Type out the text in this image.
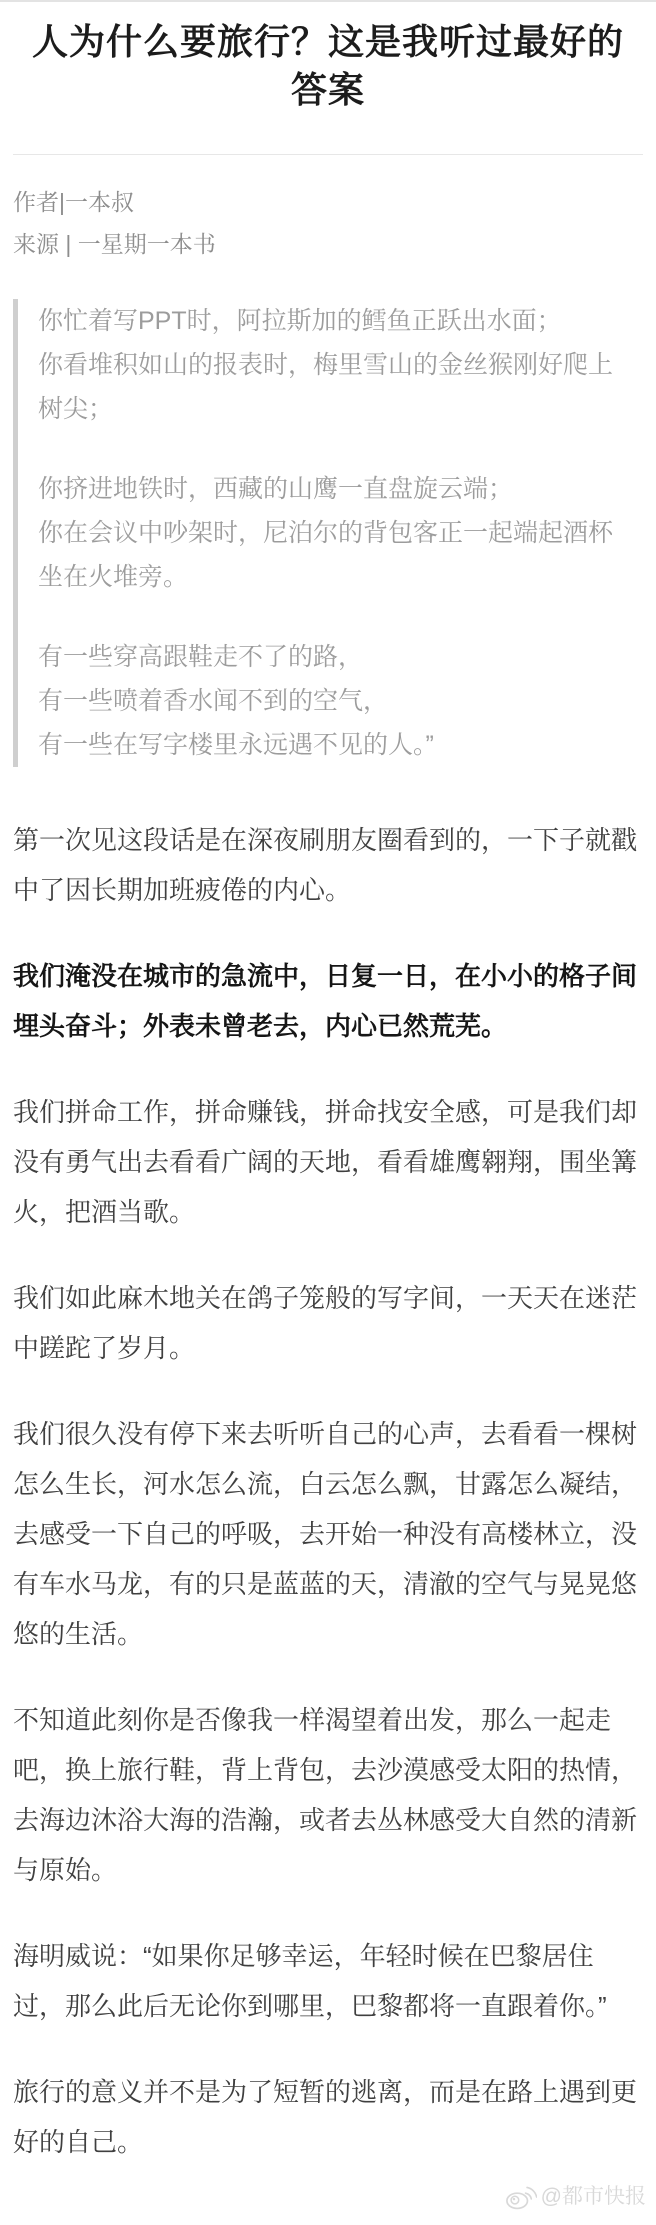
人为什么要旅行？这是我听过最好的答案

作者|一本叔

来源 | 一星期一本书

你忙着写PPT时，阿拉斯加的鳕鱼正跃出水面；

你看堆积如山的报表时，梅里雪山的金丝猴刚好爬上树尖；

你挤进地铁时，西藏的山鹰一直盘旋云端；

你在会议中吵架时，尼泊尔的背包客正一起端起酒杯坐在火堆旁。

有一些穿高跟鞋走不了的路，

有一些喷着香水闻不到的空气，

有一些在写字楼里永远遇不见的人。”

第一次见这段话是在深夜刷朋友圈看到的，一下子就戳中了因长期加班疲倦的内心。

我们淹没在城市的急流中，日复一日，在小小的格子间埋头奋斗；外表未曾老去，内心已然荒芜。

我们拼命工作，拼命赚钱，拼命找安全感，可是我们却没有勇气出去看看广阔的天地，看看雄鹰翱翔，围坐篝火，把酒当歌。

我们如此麻木地关在鸽子笼般的写字间，一天天在迷茫中蹉跎了岁月。

我们很久没有停下来去听听自己的心声，去看看一棵树怎么生长，河水怎么流，白云怎么飘，甘露怎么凝结，去感受一下自己的呼吸，去开始一种没有高楼林立，没有车水马龙，有的只是蓝蓝的天，清澈的空气与晃晃悠悠的生活。

不知道此刻你是否像我一样渴望着出发，那么一起走吧，换上旅行鞋，背上背包，去沙漠感受太阳的热情，去海边沐浴大海的浩瀚，或者去丛林感受大自然的清新与原始。

海明威说：“如果你足够幸运，年轻时候在巴黎居住过，那么此后无论你到哪里，巴黎都将一直跟着你。”

旅行的意义并不是为了短暂的逃离，而是在路上遇到更好的自己。

@都市快报
